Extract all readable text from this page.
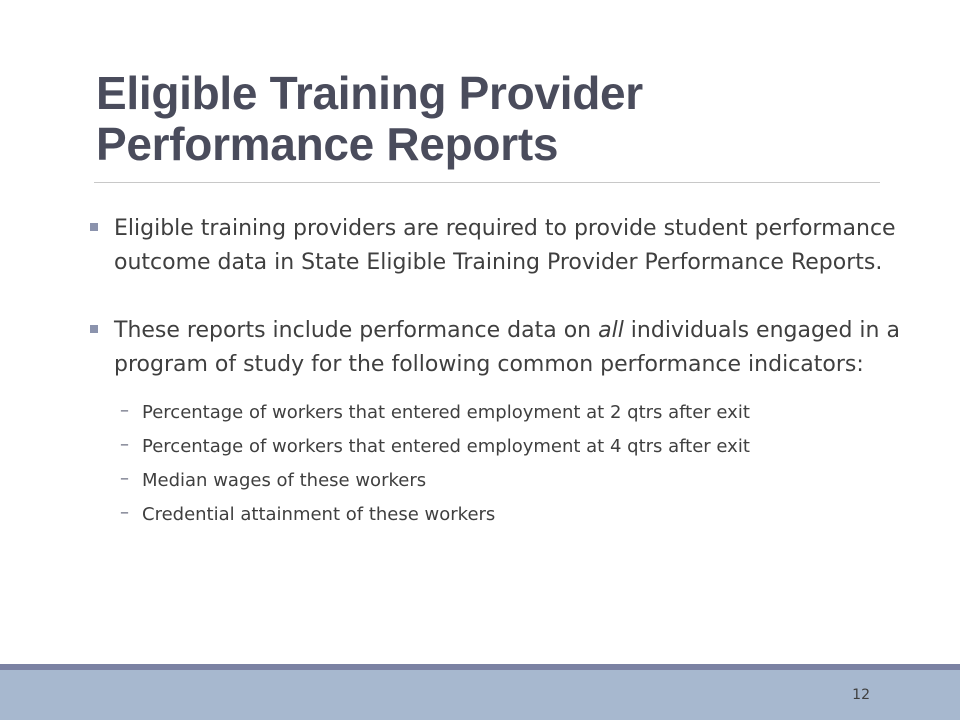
Eligible Training Provider
Performance Reports
Eligible training providers are required to provide student performance outcome data in State Eligible Training Provider Performance Reports.
These reports include performance data on all individuals engaged in a program of study for the following common performance indicators:
– Percentage of workers that entered employment at 2 qtrs after exit
– Percentage of workers that entered employment at 4 qtrs after exit
– Median wages of these workers
– Credential attainment of these workers
12
